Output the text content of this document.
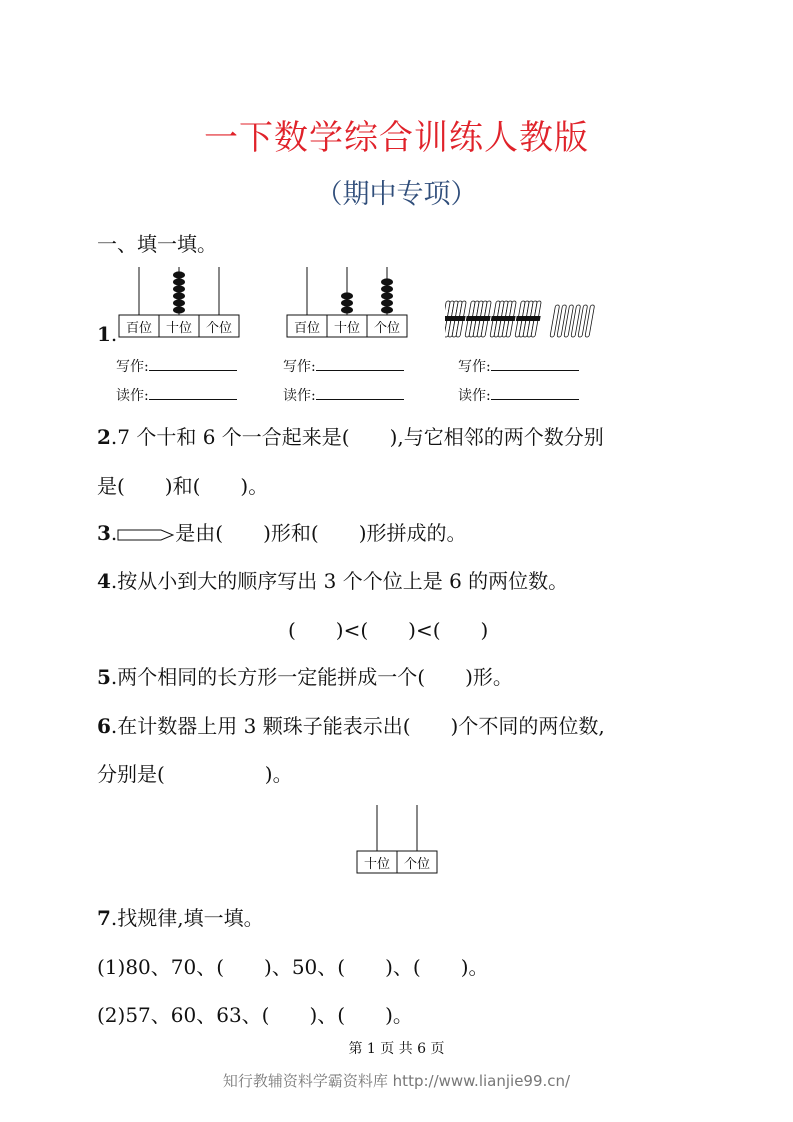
一下数学综合训练人教版
（期中专项）
一、填一填。
1. 百位 十位 个位	百位 十位 个位
写作:
读作:
写作:
读作:
写作:
读作:
2.7 个十和 6 个一合起来是(　　),与它相邻的两个数分别
是(　　)和(　　)。
3.	是由(　　)形和(　　)形拼成的。
4.按从小到大的顺序写出 3 个个位上是 6 的两位数。
(　　)<(　　)<(　　)
5.两个相同的长方形一定能拼成一个(　　)形。
6.在计数器上用 3 颗珠子能表示出(　　)个不同的两位数,
分别是(　　　　　)。
十位 个位
7.找规律,填一填。
(1)80、70、(　　)、50、(　　)、(　　)。
(2)57、60、63、(　　)、(　　)。
第 1 页 共 6 页
知行教辅资料学霸资料库 http://www.lianjie99.cn/
